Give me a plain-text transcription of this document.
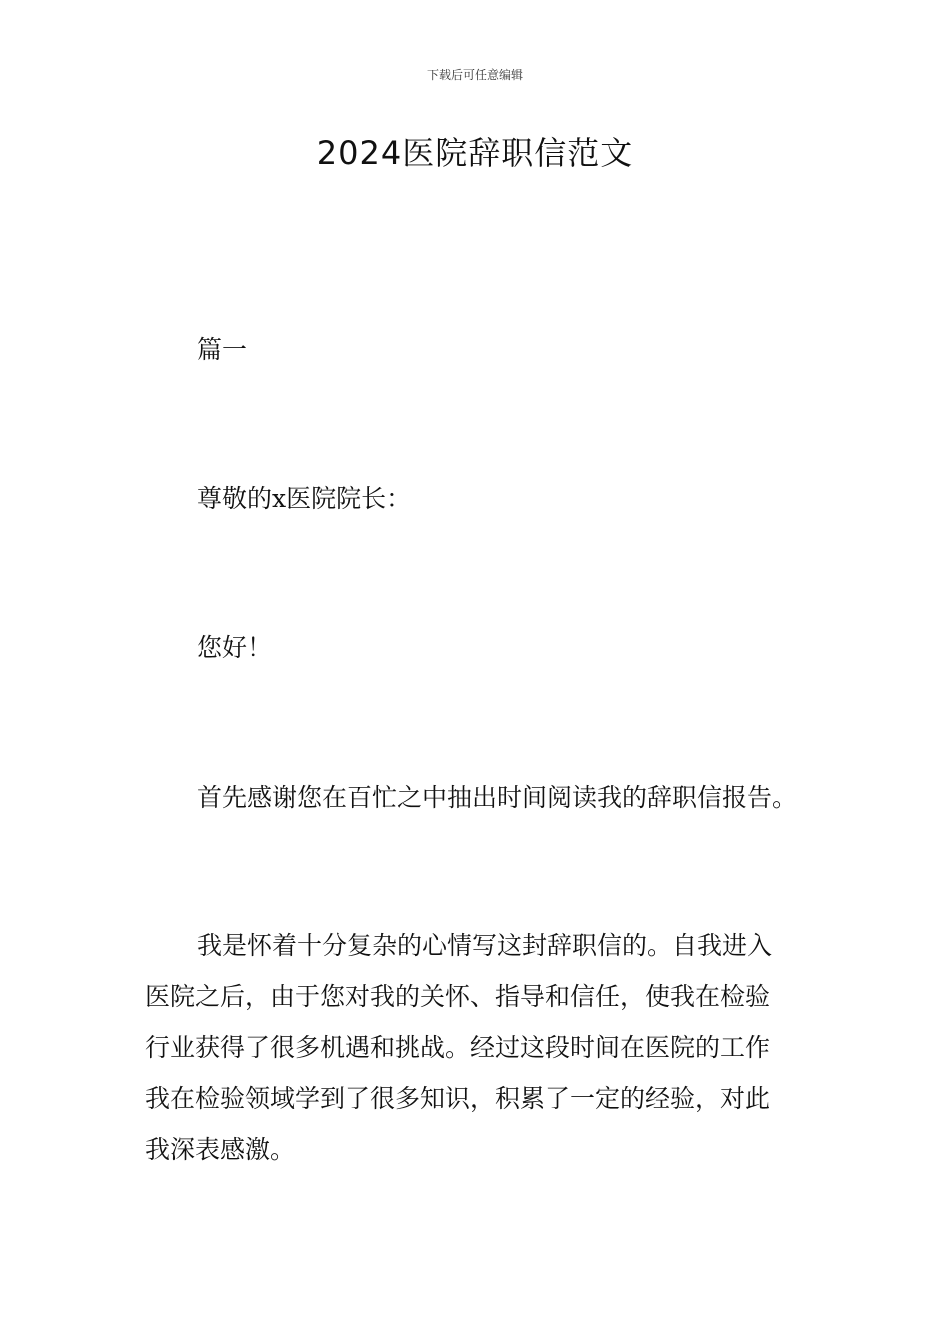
下载后可任意编辑
2024医院辞职信范文
篇一
尊敬的x医院院长：
您好！
首先感谢您在百忙之中抽出时间阅读我的辞职信报告。
我是怀着十分复杂的心情写这封辞职信的。自我进入
医院之后，由于您对我的关怀、指导和信任，使我在检验
行业获得了很多机遇和挑战。经过这段时间在医院的工作
我在检验领域学到了很多知识，积累了一定的经验，对此
我深表感激。
